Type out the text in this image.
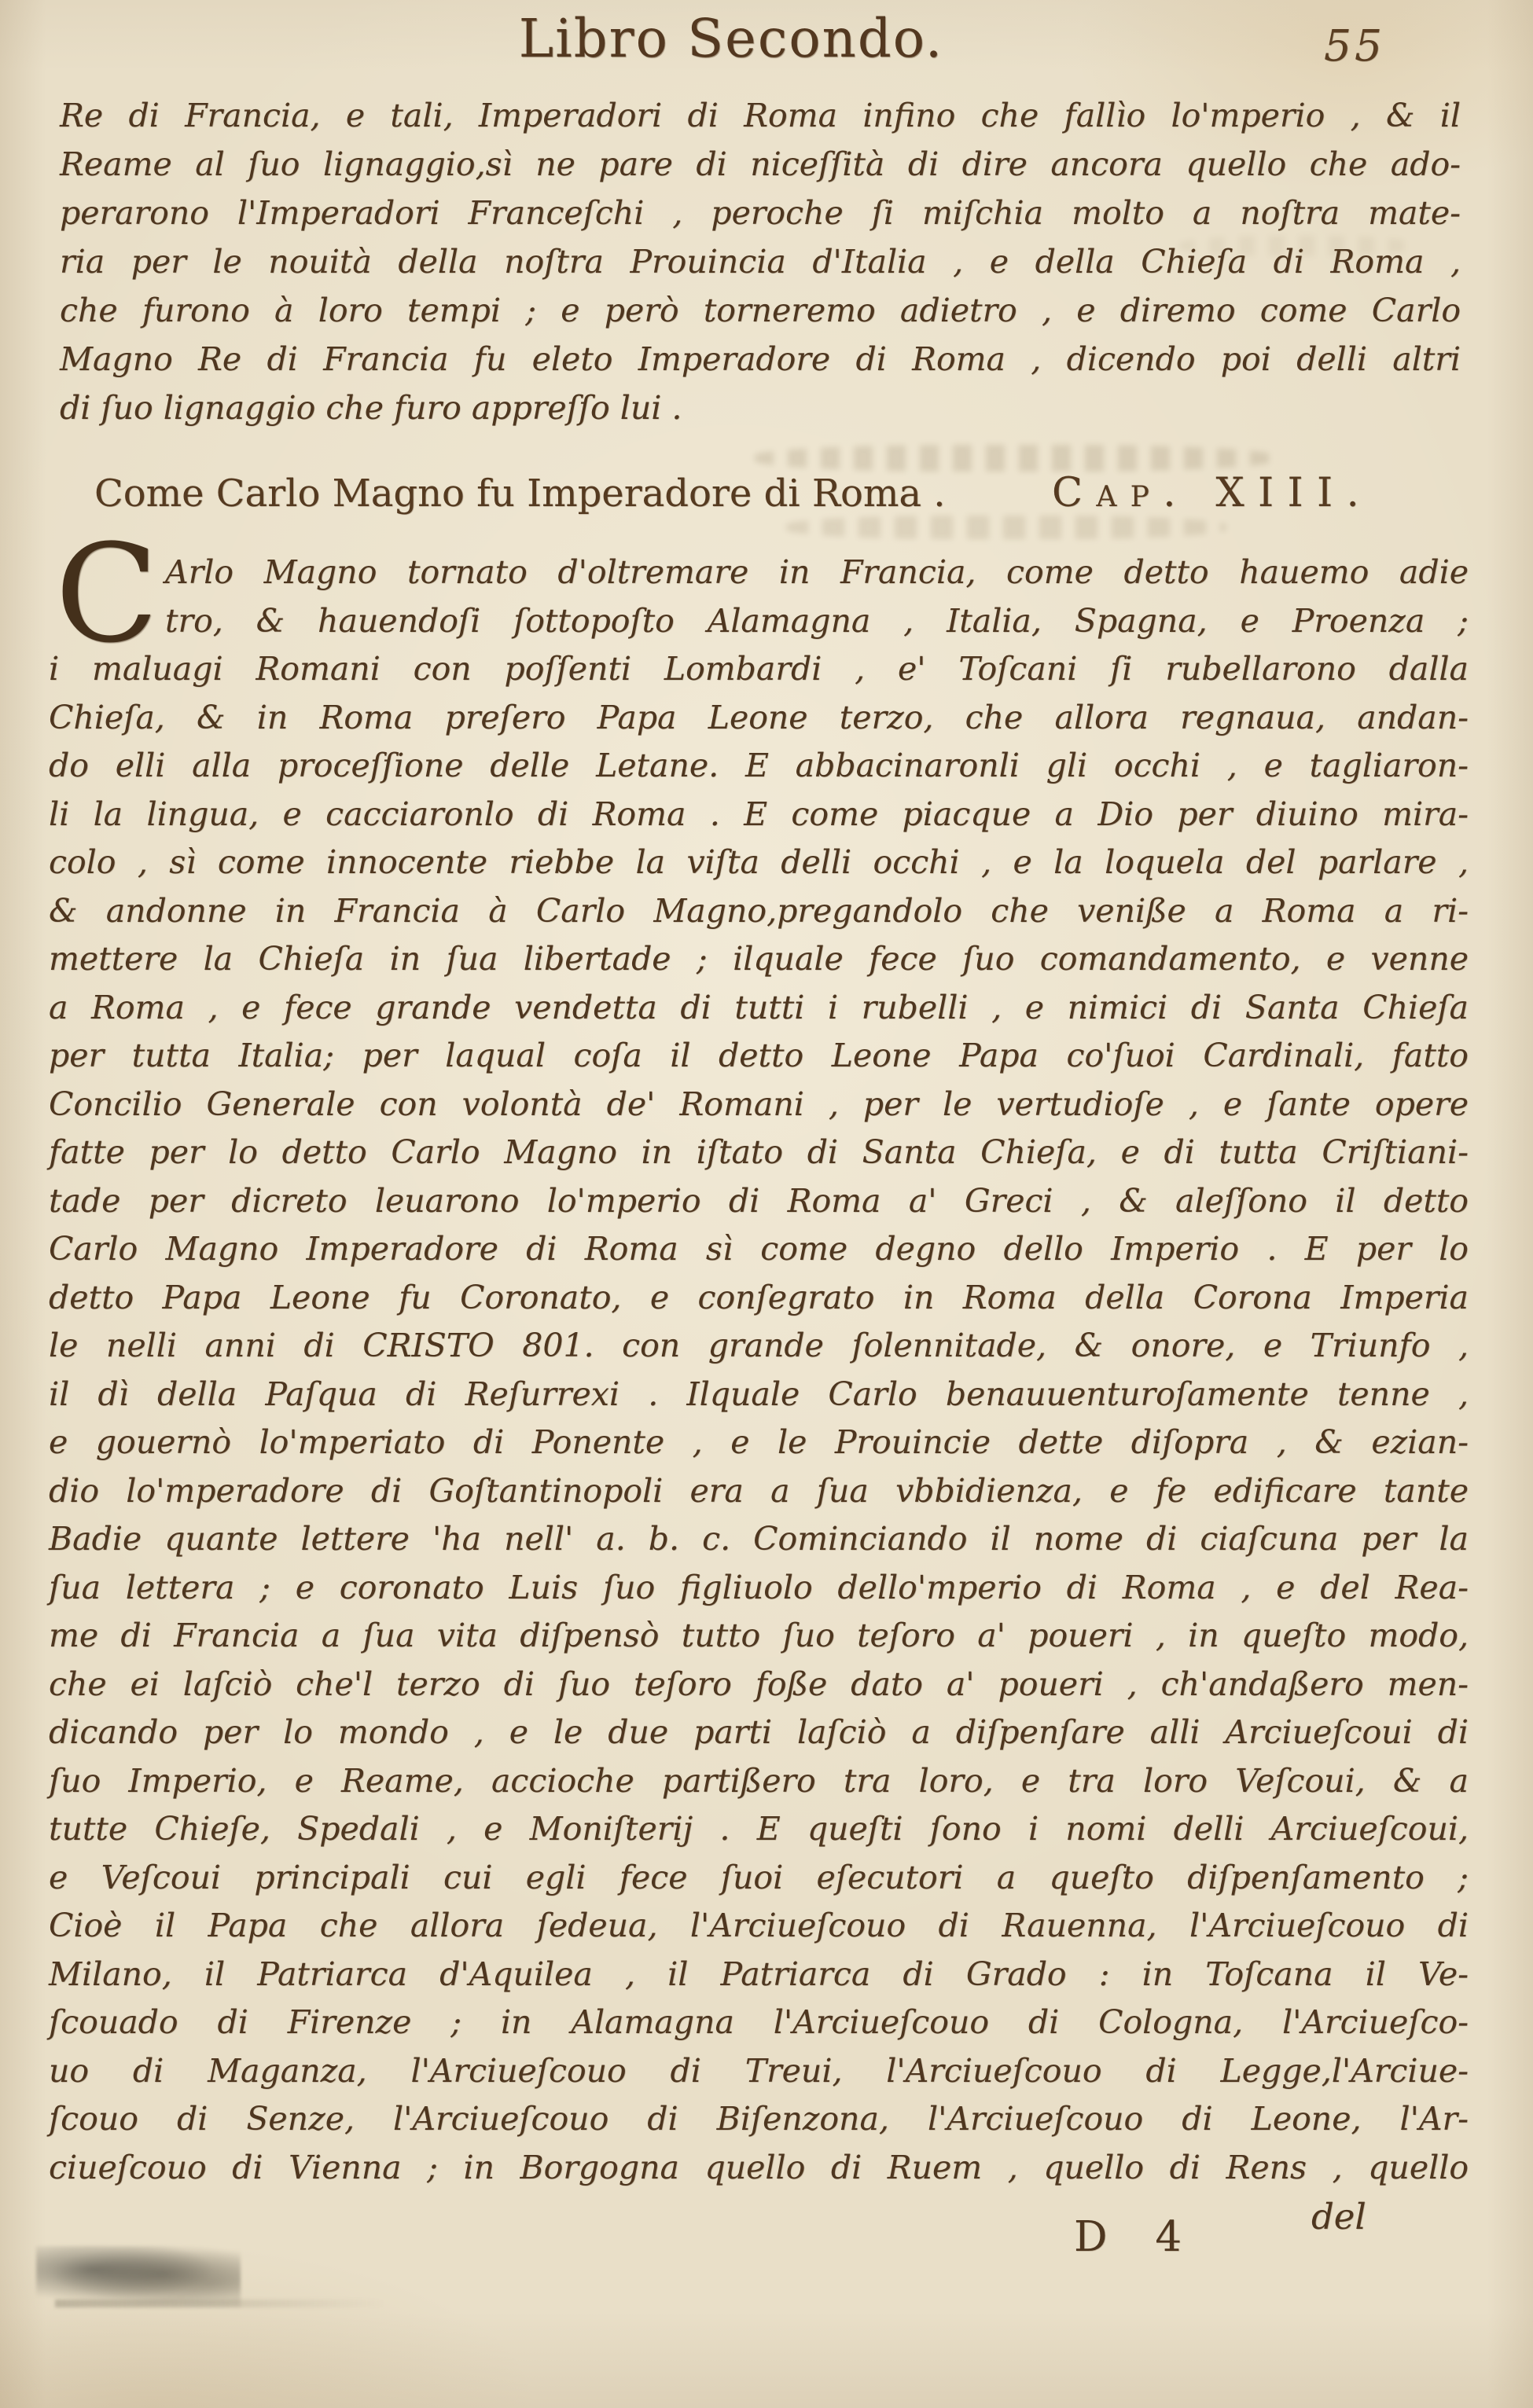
Libro Secondo.	55
Re di Francia, e tali, Imperadori di Roma infino che fallìo lo'mperio , & il
Reame al ſuo lignaggio,sì ne pare di niceſſità di dire ancora quello che ado-
perarono l'Imperadori Franceſchi , peroche ſi miſchia molto a noſtra mate-
ria per le nouità della noſtra Prouincia d'Italia , e della Chieſa di Roma ,
che furono à loro tempi ; e però torneremo adietro , e diremo come Carlo
Magno Re di Francia fu eleto Imperadore di Roma , dicendo poi delli altri
di ſuo lignaggio che furo appreſſo lui .
Come Carlo Magno fu Imperadore di Roma .	Cap. XIII.
C Arlo Magno tornato d'oltremare in Francia, come detto hauemo adie
tro, & hauendoſi ſottopoſto Alamagna , Italia, Spagna, e Proenza ;
i maluagi Romani con poſſenti Lombardi , e' Toſcani ſi rubellarono dalla
Chieſa, & in Roma preſero Papa Leone terzo, che allora regnaua, andan-
do elli alla proceſſione delle Letane. E abbacinaronli gli occhi , e tagliaron-
li la lingua, e cacciaronlo di Roma . E come piacque a Dio per diuino mira-
colo , sì come innocente riebbe la viſta delli occhi , e la loquela del parlare ,
& andonne in Francia à Carlo Magno,pregandolo che veniße a Roma a ri-
mettere la Chieſa in ſua libertade ; ilquale fece ſuo comandamento, e venne
a Roma , e fece grande vendetta di tutti i rubelli , e nimici di Santa Chieſa
per tutta Italia; per laqual coſa il detto Leone Papa co'ſuoi Cardinali, fatto
Concilio Generale con volontà de' Romani , per le vertudioſe , e ſante opere
fatte per lo detto Carlo Magno in iſtato di Santa Chieſa, e di tutta Criſtiani-
tade per dicreto leuarono lo'mperio di Roma a' Greci , & aleſſono il detto
Carlo Magno Imperadore di Roma sì come degno dello Imperio . E per lo
detto Papa Leone fu Coronato, e conſegrato in Roma della Corona Imperia
le nelli anni di CRISTO 801. con grande ſolennitade, & onore, e Triunfo ,
il dì della Paſqua di Reſurrexi . Ilquale Carlo benauuenturoſamente tenne ,
e gouernò lo'mperiato di Ponente , e le Prouincie dette diſopra , & ezian-
dio lo'mperadore di Goſtantinopoli era a ſua vbbidienza, e fe edificare tante
Badie quante lettere 'ha nell' a. b. c. Cominciando il nome di ciaſcuna per la
ſua lettera ; e coronato Luis ſuo figliuolo dello'mperio di Roma , e del Rea-
me di Francia a ſua vita diſpensò tutto ſuo teſoro a' poueri , in queſto modo,
che ei laſciò che'l terzo di ſuo teſoro foße dato a' poueri , ch'andaßero men-
dicando per lo mondo , e le due parti laſciò a diſpenſare alli Arciueſcoui di
ſuo Imperio, e Reame, accioche partißero tra loro, e tra loro Veſcoui, & a
tutte Chieſe, Spedali , e Moniſterij . E queſti ſono i nomi delli Arciueſcoui,
e Veſcoui principali cui egli fece ſuoi eſecutori a queſto diſpenſamento ;
Cioè il Papa che allora ſedeua, l'Arciueſcouo di Rauenna, l'Arciueſcouo di
Milano, il Patriarca d'Aquilea , il Patriarca di Grado : in Toſcana il Ve-
ſcouado di Firenze ; in Alamagna l'Arciueſcouo di Cologna, l'Arciueſco-
uo di Maganza, l'Arciueſcouo di Treui, l'Arciueſcouo di Legge,l'Arciue-
ſcouo di Senze, l'Arciueſcouo di Biſenzona, l'Arciueſcouo di Leone, l'Ar-
ciueſcouo di Vienna ; in Borgogna quello di Ruem , quello di Rens , quello
D 4	del
